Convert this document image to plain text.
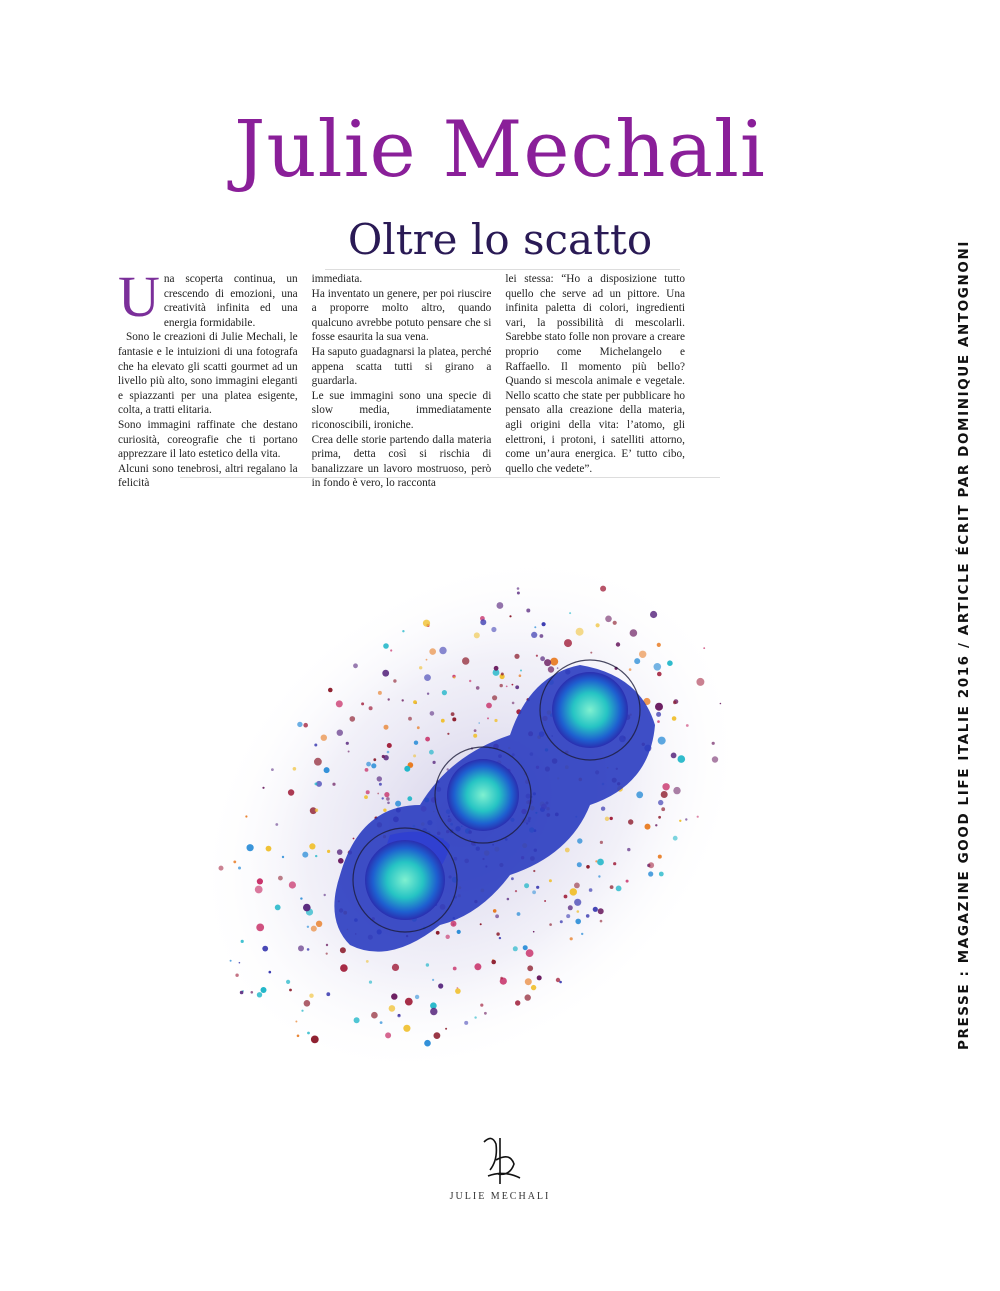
Julie Mechali
Oltre lo scatto

Una scoperta continua, un crescendo di emozioni, una creatività infinita ed una energia formidabile.

Sono le creazioni di Julie Mechali, le fantasie e le intuizioni di una fotografa che ha elevato gli scatti gourmet ad un livello più alto, sono immagini eleganti e spiazzanti per una platea esigente, colta, a tratti elitaria.

Sono immagini raffinate che destano curiosità, coreografie che ti portano apprezzare il lato estetico della vita.

Alcuni sono tenebrosi, altri regalano la felicità

immediata.

Ha inventato un genere, per poi riuscire a proporre molto altro, quando qualcuno avrebbe potuto pensare che si fosse esaurita la sua vena.

Ha saputo guadagnarsi la platea, perché appena scatta tutti si girano a guardarla.

Le sue immagini sono una specie di slow media, immediatamente riconoscibili, ironiche.

Crea delle storie partendo dalla materia prima, detta così si rischia di banalizzare un lavoro mostruoso, però in fondo è vero, lo racconta

lei stessa: “Ho a disposizione tutto quello che serve ad un pittore. Una infinita paletta di colori, ingredienti vari, la possibilità di mescolarli. Sarebbe stato folle non provare a creare proprio come Michelangelo e Raffaello. Il momento più bello? Quando si mescola animale e vegetale. Nello scatto che state per pubblicare ho pensato alla creazione della materia, agli origini della vita: l’atomo, gli elettroni, i protoni, i satelliti attorno, come un’aura energica. E’ tutto cibo, quello che vedete”.

JULIE MECHALI
PRESSE : MAGAZINE GOOD LIFE ITALIE 2016 / ARTICLE ÉCRIT PAR DOMINIQUE ANTOGNONI
